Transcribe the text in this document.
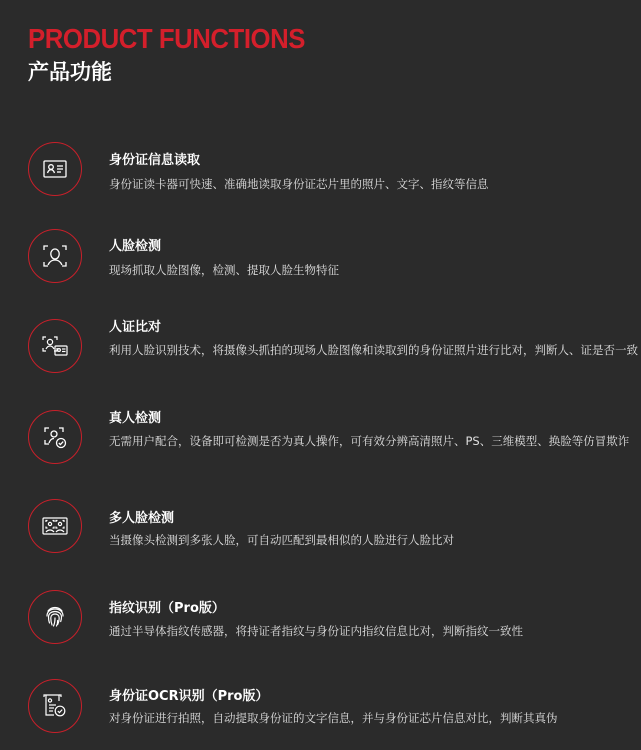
PRODUCT FUNCTIONS
产品功能
身份证信息读取
身份证读卡器可快速、准确地读取身份证芯片里的照片、文字、指纹等信息
人脸检测
现场抓取人脸图像，检测、提取人脸生物特征
人证比对
利用人脸识别技术，将摄像头抓拍的现场人脸图像和读取到的身份证照片进行比对，判断人、证是否一致
真人检测
无需用户配合，设备即可检测是否为真人操作，可有效分辨高清照片、PS、三维模型、换脸等仿冒欺诈
多人脸检测
当摄像头检测到多张人脸，可自动匹配到最相似的人脸进行人脸比对
指纹识别（Pro版）
通过半导体指纹传感器，将持证者指纹与身份证内指纹信息比对，判断指纹一致性
身份证OCR识别（Pro版）
对身份证进行拍照，自动提取身份证的文字信息，并与身份证芯片信息对比，判断其真伪
